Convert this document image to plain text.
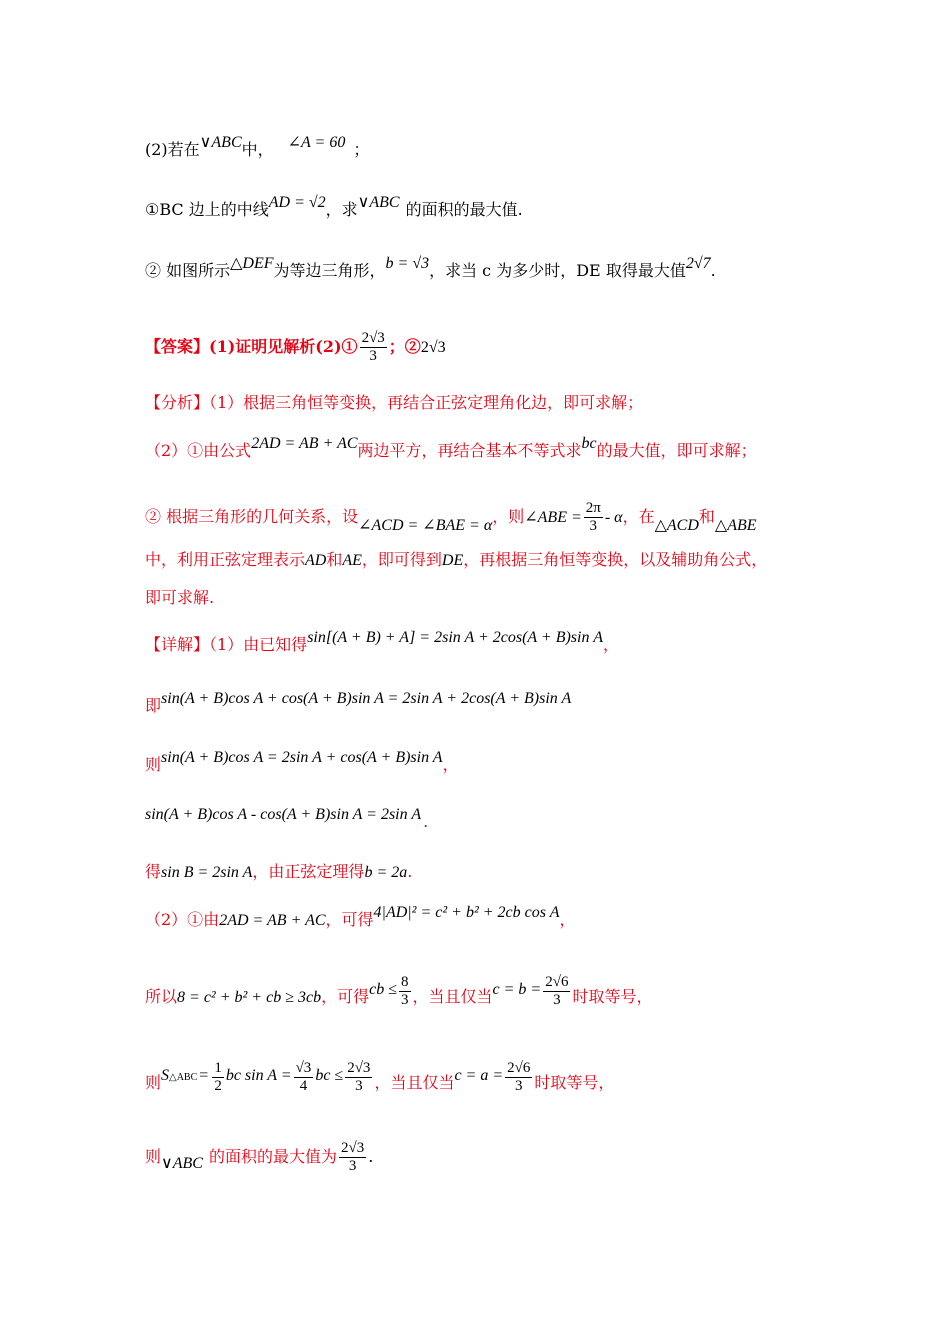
(2)若在∨ABC中， ∠A = 60 ；
①BC 边上的中线AD = √2，求∨ABC 的面积的最大值.
② 如图所示△DEF为等边三角形，b = √3，求当 c 为多少时，DE 取得最大值2√7.
【答案】(1)证明见解析(2)① $\frac{2√3}{3}$ ；②2√3
【分析】（1）根据三角恒等变换，再结合正弦定理角化边，即可求解；
（2）①由公式2AD = AB + AC两边平方，再结合基本不等式求bc的最大值，即可求解；
② 根据三角形的几何关系，设∠ACD = ∠BAE = α，则∠ABE = $\frac{2\pi}{3}$ - α，在△ACD和△ABE
中，利用正弦定理表示AD和AE，即可得到DE，再根据三角恒等变换，以及辅助角公式，
即可求解.
【详解】（1）由已知得sin[(A + B) + A] = 2sin A + 2cos(A + B)sin A，
即sin(A + B)cos A + cos(A + B)sin A = 2sin A + 2cos(A + B)sin A
则sin(A + B)cos A = 2sin A + cos(A + B)sin A，
sin(A + B)cos A - cos(A + B)sin A = 2sin A .
得sin B = 2sin A，由正弦定理得b = 2a.
（2）①由2AD = AB + AC，可得4|AD|² = c² + b² + 2cb cos A，
所以8 = c² + b² + cb ≥ 3cb，可得cb ≤ $\frac{8}{3}$ ，当且仅当$c = b = \frac{2√6}{3}$ 时取等号，
则$S^{\triangle ABC} = \frac{1}{2}$ bc $\sin A = \frac{√3}{4}$ bc ≤ $\frac{2√3}{3}$ ，当且仅当$c = a = \frac{2√6}{3}$ 时取等号，
则∨ABC 的面积的最大值为 $\frac{2√3}{3}$ .
